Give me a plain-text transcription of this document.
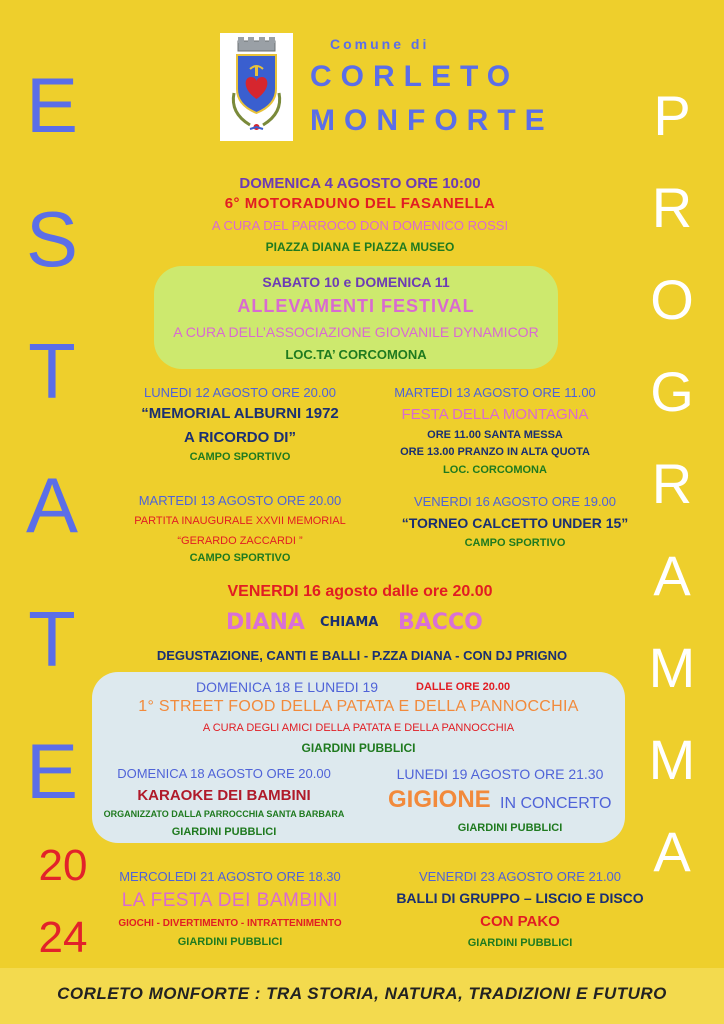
E
S
T
A
T
E
20
24
P
R
O
G
R
A
M
M
A
Comune di
CORLETO
MONFORTE
DOMENICA 4 AGOSTO ORE 10:00
6° MOTORADUNO DEL FASANELLA
A CURA DEL PARROCO DON DOMENICO ROSSI
PIAZZA DIANA E PIAZZA MUSEO
SABATO 10 e DOMENICA 11
ALLEVAMENTI FESTIVAL
A CURA DELL’ASSOCIAZIONE GIOVANILE DYNAMICOR
LOC.TA’ CORCOMONA
LUNEDI 12 AGOSTO ORE 20.00
“MEMORIAL ALBURNI 1972
A RICORDO DI”
CAMPO SPORTIVO
MARTEDI 13 AGOSTO ORE 11.00
FESTA DELLA MONTAGNA
ORE 11.00 SANTA MESSA
ORE 13.00 PRANZO IN ALTA QUOTA
LOC. CORCOMONA
MARTEDI 13 AGOSTO ORE 20.00
PARTITA INAUGURALE XXVII MEMORIAL
“GERARDO ZACCARDI ”
CAMPO SPORTIVO
VENERDI 16 AGOSTO ORE 19.00
“TORNEO CALCETTO UNDER 15”
CAMPO SPORTIVO
VENERDI 16 agosto dalle ore 20.00
DIANA CHIAMA BACCO
DEGUSTAZIONE, CANTI E BALLI - P.ZZA DIANA - CON DJ PRIGNO
DOMENICA 18 E LUNEDI 19	DALLE ORE 20.00
1° STREET FOOD DELLA PATATA E DELLA PANNOCCHIA
A CURA DEGLI AMICI DELLA PATATA E DELLA PANNOCCHIA
GIARDINI PUBBLICI
DOMENICA 18 AGOSTO ORE 20.00
KARAOKE DEI BAMBINI
ORGANIZZATO DALLA PARROCCHIA SANTA BARBARA
GIARDINI PUBBLICI
LUNEDI 19 AGOSTO ORE 21.30
GIGIONE IN CONCERTO
GIARDINI PUBBLICI
MERCOLEDI 21 AGOSTO ORE 18.30
LA FESTA DEI BAMBINI
GIOCHI - DIVERTIMENTO - INTRATTENIMENTO
GIARDINI PUBBLICI
VENERDI 23 AGOSTO ORE 21.00
BALLI DI GRUPPO – LISCIO E DISCO
CON PAKO
GIARDINI PUBBLICI
CORLETO MONFORTE : TRA STORIA, NATURA, TRADIZIONI E FUTURO
